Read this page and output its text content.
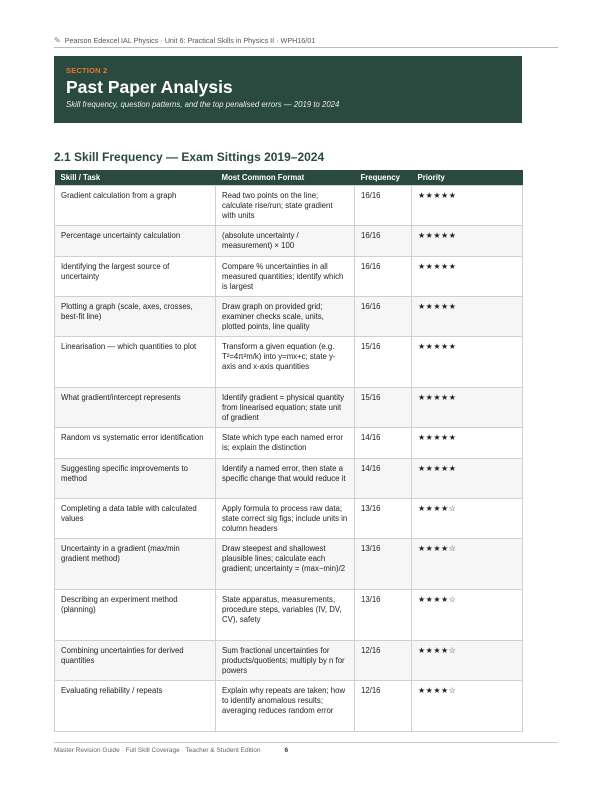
✎ Pearson Edexcel IAL Physics · Unit 6: Practical Skills in Physics II · WPH16/01
SECTION 2
Past Paper Analysis
Skill frequency, question patterns, and the top penalised errors — 2019 to 2024
2.1 Skill Frequency — Exam Sittings 2019–2024
Skill / Task	Most Common Format	Frequency	Priority
Gradient calculation from a graph	Read two points on the line; calculate rise/run; state gradient with units	16/16	★★★★★
Percentage uncertainty calculation	(absolute uncertainty / measurement) × 100	16/16	★★★★★
Identifying the largest source of uncertainty	Compare % uncertainties in all measured quantities; identify which is largest	16/16	★★★★★
Plotting a graph (scale, axes, crosses, best-fit line)	Draw graph on provided grid; examiner checks scale, units, plotted points, line quality	16/16	★★★★★
Linearisation — which quantities to plot	Transform a given equation (e.g. T²=4π²m/k) into y=mx+c; state y-axis and x-axis quantities	15/16	★★★★★
What gradient/intercept represents	Identify gradient = physical quantity from linearised equation; state unit of gradient	15/16	★★★★★
Random vs systematic error identification	State which type each named error is; explain the distinction	14/16	★★★★★
Suggesting specific improvements to method	Identify a named error, then state a specific change that would reduce it	14/16	★★★★★
Completing a data table with calculated values	Apply formula to process raw data; state correct sig figs; include units in column headers	13/16	★★★★☆
Uncertainty in a gradient (max/min gradient method)	Draw steepest and shallowest plausible lines; calculate each gradient; uncertainty = (max−min)/2	13/16	★★★★☆
Describing an experiment method (planning)	State apparatus, measurements, procedure steps, variables (IV, DV, CV), safety	13/16	★★★★☆
Combining uncertainties for derived quantities	Sum fractional uncertainties for products/quotients; multiply by n for powers	12/16	★★★★☆
Evaluating reliability / repeats	Explain why repeats are taken; how to identify anomalous results; averaging reduces random error	12/16	★★★★☆
Master Revision Guide · Full Skill Coverage · Teacher & Student Edition	6
